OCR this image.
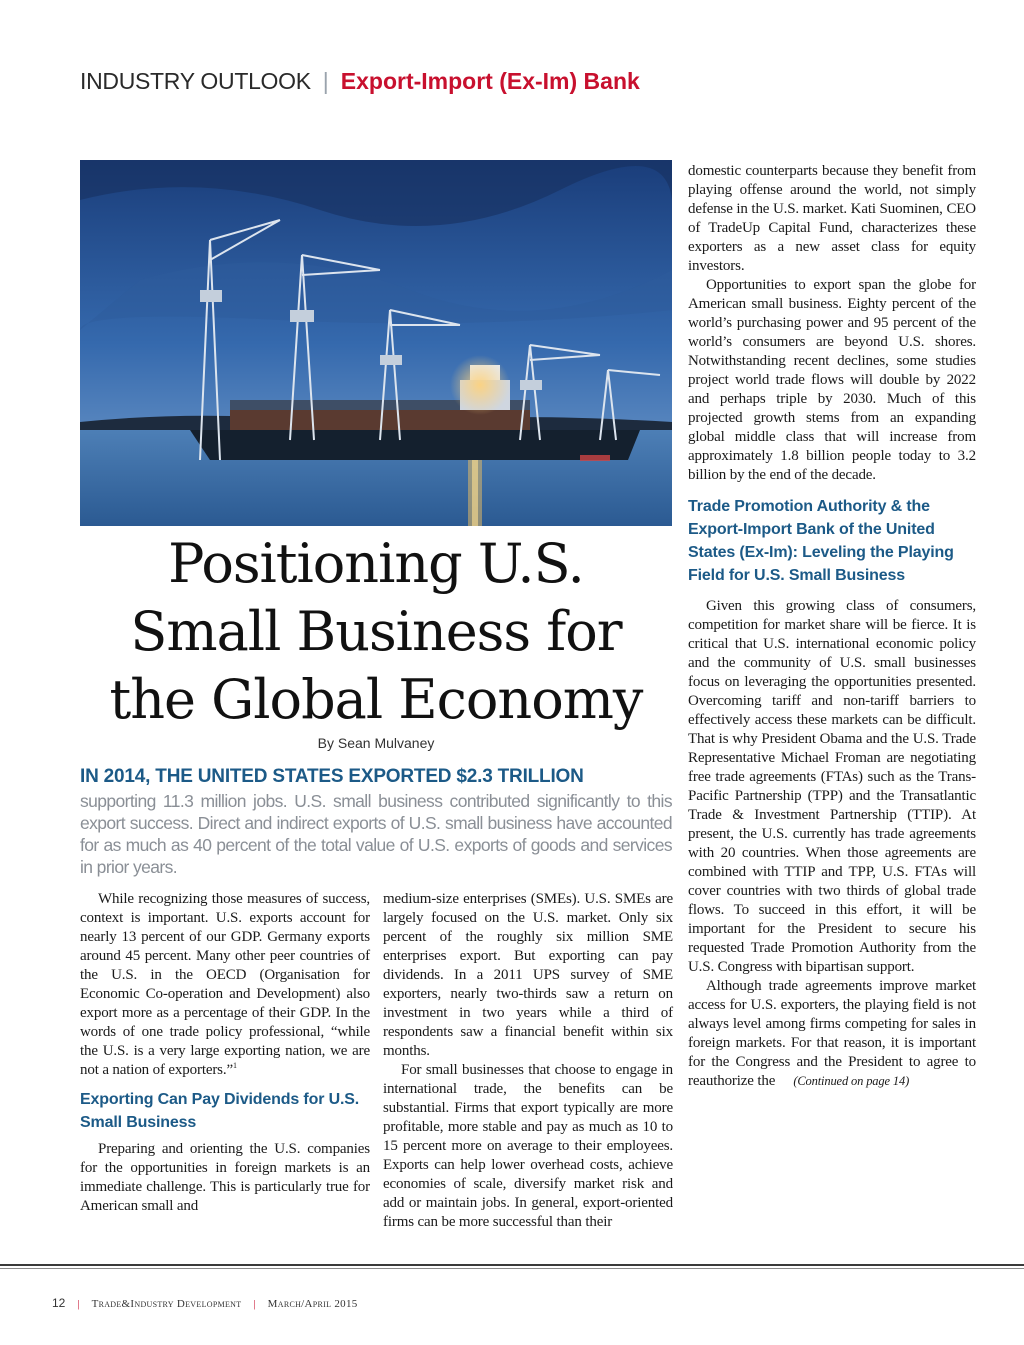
INDUSTRY OUTLOOK | Export-Import (Ex-Im) Bank
Positioning U.S.
Small Business for
the Global Economy
By Sean Mulvaney
IN 2014, THE UNITED STATES EXPORTED $2.3 TRILLION
supporting 11.3 million jobs. U.S. small business contributed significantly to this export success. Direct and indirect exports of U.S. small business have accounted for as much as 40 percent of the total value of U.S. exports of goods and services in prior years.

While recognizing those measures of success, context is important. U.S. exports account for nearly 13 percent of our GDP. Germany exports around 45 percent. Many other peer countries of the U.S. in the OECD (Organisation for Economic Co-operation and Development) also export more as a percentage of their GDP. In the words of one trade policy professional, “while the U.S. is a very large exporting nation, we are not a nation of exporters.”$^1$

Exporting Can Pay Dividends for U.S. Small Business

Preparing and orienting the U.S. companies for the opportunities in foreign markets is an immediate challenge. This is particularly true for American small and

medium-size enterprises (SMEs). U.S. SMEs are largely focused on the U.S. market. Only six percent of the roughly six million SME enterprises export. But exporting can pay dividends. In a 2011 UPS survey of SME exporters, nearly two-thirds saw a return on investment in two years while a third of respondents saw a financial benefit within six months.

For small businesses that choose to engage in international trade, the benefits can be substantial. Firms that export typically are more profitable, more stable and pay as much as 10 to 15 percent more on average to their employees. Exports can help lower overhead costs, achieve economies of scale, diversify market risk and add or maintain jobs. In general, export-oriented firms can be more successful than their

domestic counterparts because they benefit from playing offense around the world, not simply defense in the U.S. market. Kati Suominen, CEO of TradeUp Capital Fund, characterizes these exporters as a new asset class for equity investors.

Opportunities to export span the globe for American small business. Eighty percent of the world’s purchasing power and 95 percent of the world’s consumers are beyond U.S. shores. Notwithstanding recent declines, some studies project world trade flows will double by 2022 and perhaps triple by 2030. Much of this projected growth stems from an expanding global middle class that will increase from approximately 1.8 billion people today to 3.2 billion by the end of the decade.

Trade Promotion Authority & the Export-Import Bank of the United States (Ex-Im): Leveling the Playing Field for U.S. Small Business

Given this growing class of consumers, competition for market share will be fierce. It is critical that U.S. international economic policy and the community of U.S. small businesses focus on leveraging the opportunities presented. Overcoming tariff and non-tariff barriers to effectively access these markets can be difficult. That is why President Obama and the U.S. Trade Representative Michael Froman are negotiating free trade agreements (FTAs) such as the Trans-Pacific Partnership (TPP) and the Transatlantic Trade & Investment Partnership (TTIP). At present, the U.S. currently has trade agreements with 20 countries. When those agreements are combined with TTIP and TPP, U.S. FTAs will cover countries with two thirds of global trade flows. To succeed in this effort, it will be important for the President to secure his requested Trade Promotion Authority from the U.S. Congress with bipartisan support.

Although trade agreements improve market access for U.S. exporters, the playing field is not always level among firms competing for sales in foreign markets. For that reason, it is important for the Congress and the President to agree to reauthorize the (Continued on page 14)

12 | Trade&Industry Development | March/April 2015
